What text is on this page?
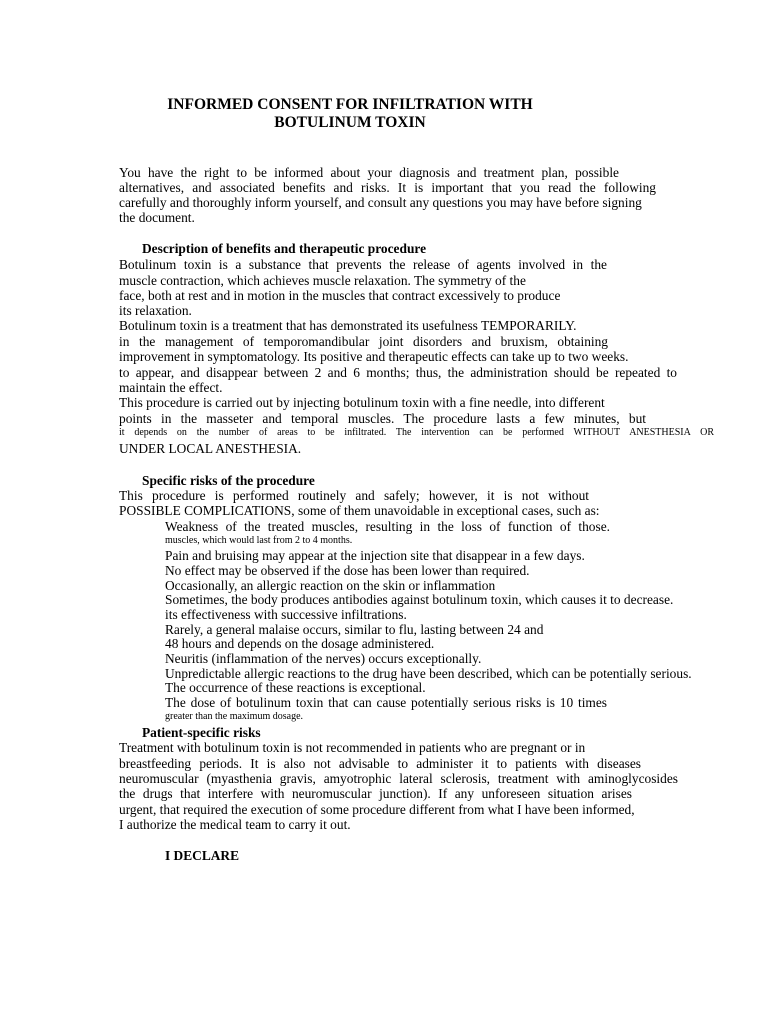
INFORMED CONSENT FOR INFILTRATION WITH
BOTULINUM TOXIN
You have the right to be informed about your diagnosis and treatment plan, possible
alternatives, and associated benefits and risks. It is important that you read the following
carefully and thoroughly inform yourself, and consult any questions you may have before signing
the document.
Description of benefits and therapeutic procedure
Botulinum toxin is a substance that prevents the release of agents involved in the
muscle contraction, which achieves muscle relaxation. The symmetry of the
face, both at rest and in motion in the muscles that contract excessively to produce
its relaxation.
Botulinum toxin is a treatment that has demonstrated its usefulness TEMPORARILY.
in the management of temporomandibular joint disorders and bruxism, obtaining
improvement in symptomatology. Its positive and therapeutic effects can take up to two weeks.
to appear, and disappear between 2 and 6 months; thus, the administration should be repeated to
maintain the effect.
This procedure is carried out by injecting botulinum toxin with a fine needle, into different
points in the masseter and temporal muscles. The procedure lasts a few minutes, but
it depends on the number of areas to be infiltrated. The intervention can be performed WITHOUT ANESTHESIA OR
UNDER LOCAL ANESTHESIA.
Specific risks of the procedure
This procedure is performed routinely and safely; however, it is not without
POSSIBLE COMPLICATIONS, some of them unavoidable in exceptional cases, such as:
Weakness of the treated muscles, resulting in the loss of function of those.
muscles, which would last from 2 to 4 months.
Pain and bruising may appear at the injection site that disappear in a few days.
No effect may be observed if the dose has been lower than required.
Occasionally, an allergic reaction on the skin or inflammation
Sometimes, the body produces antibodies against botulinum toxin, which causes it to decrease.
its effectiveness with successive infiltrations.
Rarely, a general malaise occurs, similar to flu, lasting between 24 and
48 hours and depends on the dosage administered.
Neuritis (inflammation of the nerves) occurs exceptionally.
Unpredictable allergic reactions to the drug have been described, which can be potentially serious.
The occurrence of these reactions is exceptional.
The dose of botulinum toxin that can cause potentially serious risks is 10 times
greater than the maximum dosage.
Patient-specific risks
Treatment with botulinum toxin is not recommended in patients who are pregnant or in
breastfeeding periods. It is also not advisable to administer it to patients with diseases
neuromuscular (myasthenia gravis, amyotrophic lateral sclerosis, treatment with aminoglycosides
the drugs that interfere with neuromuscular junction). If any unforeseen situation arises
urgent, that required the execution of some procedure different from what I have been informed,
I authorize the medical team to carry it out.
I DECLARE
